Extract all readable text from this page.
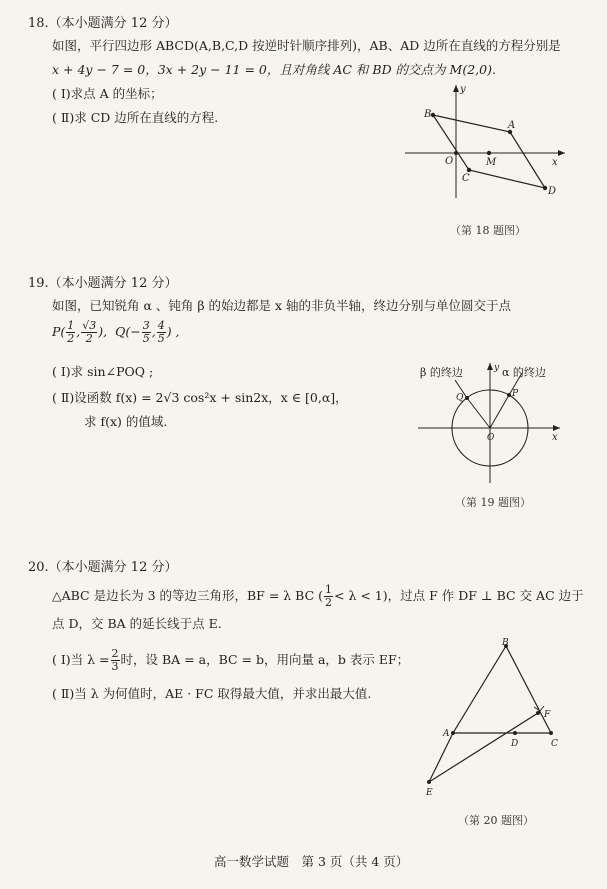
18.（本小题满分 12 分）
如图，平行四边形 ABCD(A,B,C,D 按逆时针顺序排列)，AB、AD 边所在直线的方程分别是
x + 4y − 7 = 0，3x + 2y − 11 = 0，且对角线 AC 和 BD 的交点为 M(2,0).
( Ⅰ)求点 A 的坐标；
( Ⅱ)求 CD 边所在直线的方程.
y
x
B
A
D
C
O	M
（第 18 题图）
19.（本小题满分 12 分）
如图，已知锐角 α 、钝角 β 的始边都是 x 轴的非负半轴，终边分别与单位圆交于点
$P( \frac{1}{2}$ , $\frac{√3}{2}$ ),  $Q(- \frac{3}{5}$ , $\frac{4}{5}$ ) ,
( Ⅰ)求 sin∠POQ ;
( Ⅱ)设函数 f(x) = 2√3 cos²x + sin2x，x ∈ [0,α]，
求 f(x) 的值域.
β 的终边	α 的终边
y
x
O
P
Q
（第 19 题图）
20.（本小题满分 12 分）
△ABC 是边长为 3 的等边三角形，BF = λ BC ( $\frac{1}{2} < \lambda < 1$)，过点 F 作 DF ⊥ BC 交 AC 边于
点 D，交 BA 的延长线于点 E.
( Ⅰ)当 $\lambda = \frac{2}{3}$ 时，设 BA = a，BC = b，用向量 a，b 表示 EF；
( Ⅱ)当 λ 为何值时，AE · FC 取得最大值，并求出最大值.
B
A
C
D
F
E
（第 20 题图）
高一数学试题　第 3 页（共 4 页）
